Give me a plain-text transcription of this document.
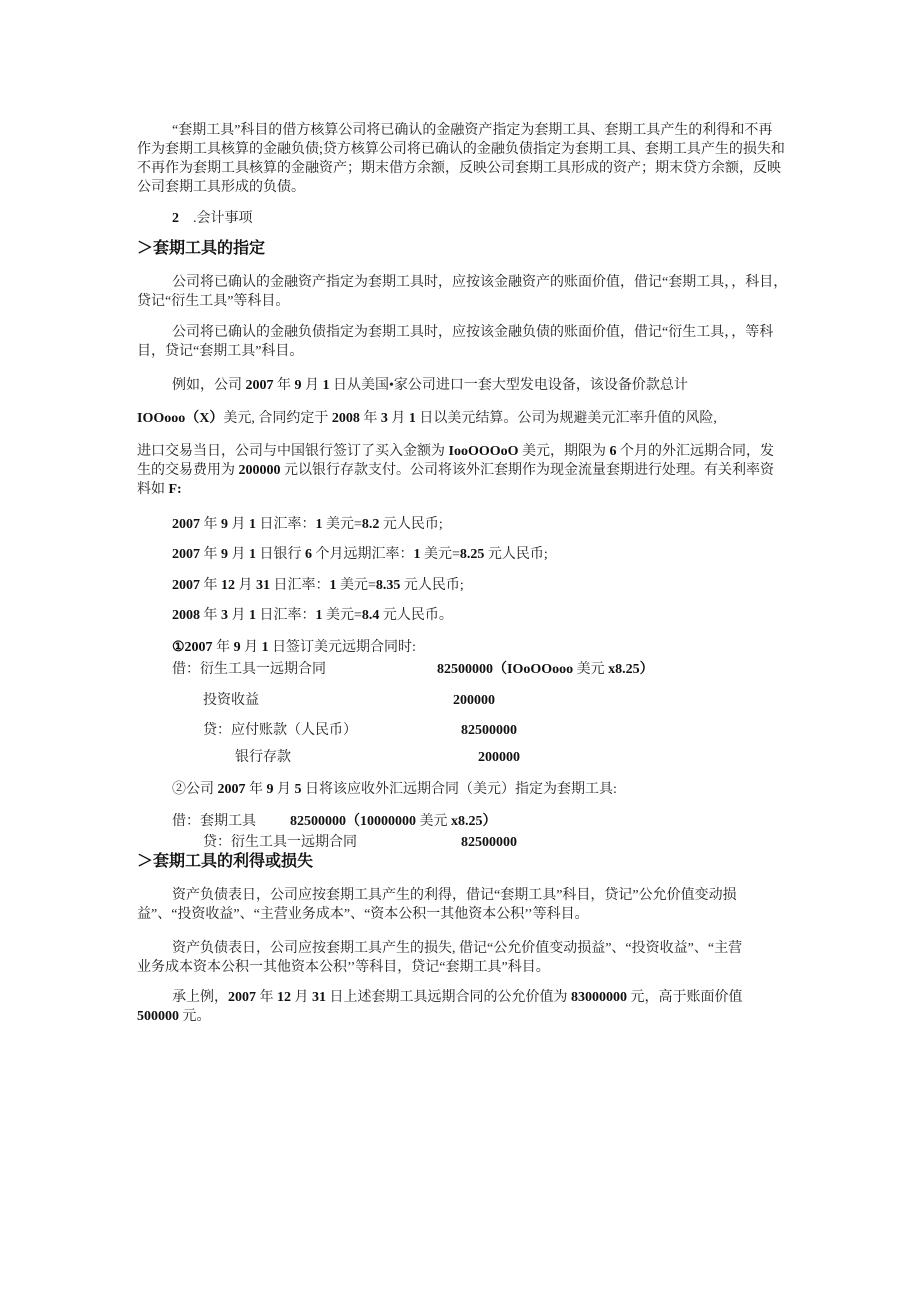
“套期工具”科目的借方核算公司将已确认的金融资产指定为套期工具、套期工具产生的利得和不再
作为套期工具核算的金融负债;贷方核算公司将已确认的金融负债指定为套期工具、套期工具产生的损失和
不再作为套期工具核算的金融资产；期末借方余额，反映公司套期工具形成的资产；期末贷方余额，反映
公司套期工具形成的负债。
2　.会计事项
＞套期工具的指定
公司将已确认的金融资产指定为套期工具时，应按该金融资产的账面价值，借记“套期工具，，科目，
贷记“衍生工具”等科目。
公司将已确认的金融负债指定为套期工具时，应按该金融负债的账面价值，借记“衍生工具，，等科
目，贷记“套期工具”科目。
例如，公司 2007 年 9 月 1 日从美国•家公司进口一套大型发电设备，该设备价款总计
IOOooo（X）美元, 合同约定于 2008 年 3 月 1 日以美元结算。公司为规避美元汇率升值的风险,
进口交易当日，公司与中国银行签订了买入金额为 IooOOOoO 美元，期限为 6 个月的外汇远期合同，发
生的交易费用为 200000 元以银行存款支付。公司将该外汇套期作为现金流量套期进行处理。有关利率资
料如 F:
2007 年 9 月 1 日汇率：1 美元=8.2 元人民币;
2007 年 9 月 1 日银行 6 个月远期汇率：1 美元=8.25 元人民币;
2007 年 12 月 31 日汇率：1 美元=8.35 元人民币;
2008 年 3 月 1 日汇率：1 美元=8.4 元人民币。
①2007 年 9 月 1 日签订美元远期合同时:
借：衍生工具一远期合同	82500000（IOoOOooo 美元 x8.25）
投资收益	200000
贷：应付账款（人民币）	82500000
银行存款	200000
②公司 2007 年 9 月 5 日将该应收外汇远期合同（美元）指定为套期工具:
借：套期工具 82500000（10000000 美元 x8.25）
贷：衍生工具一远期合同	82500000
＞套期工具的利得或损失
资产负债表日，公司应按套期工具产生的利得，借记“套期工具”科目，贷记”公允价值变动损
益”、“投资收益”、“主营业务成本”、“资本公积一其他资本公积’’等科目。
资产负债表日，公司应按套期工具产生的损失, 借记“公允价值变动损益”、“投资收益”、“主营
业务成本资本公积一其他资本公积’’等科目，贷记“套期工具”科目。
承上例，2007 年 12 月 31 日上述套期工具远期合同的公允价值为 83000000 元，高于账面价值
500000 元。
